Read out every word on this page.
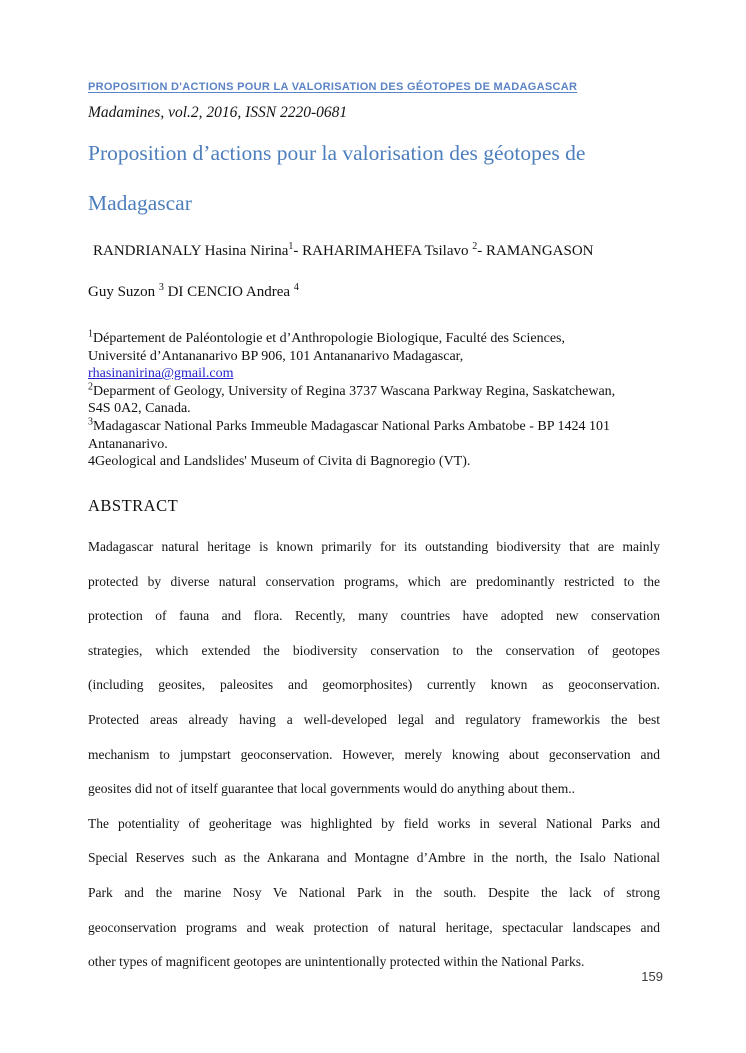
PROPOSITION D'ACTIONS POUR LA VALORISATION DES GÉOTOPES DE MADAGASCAR
Madamines, vol.2, 2016, ISSN 2220-0681
Proposition d’actions pour la valorisation des géotopes de
Madagascar
RANDRIANALY Hasina Nirina$^1$- RAHARIMAHEFA Tsilavo $^2$- RAMANGASON
Guy Suzon $^3$ DI CENCIO Andrea $^4$
$^1$Département de Paléontologie et d’Anthropologie Biologique, Faculté des Sciences,
Université d’Antananarivo BP 906, 101 Antananarivo Madagascar,
rhasinanirina@gmail.com
$^2$Deparment of Geology, University of Regina 3737 Wascana Parkway Regina, Saskatchewan,
S4S 0A2, Canada.
$^3$Madagascar National Parks Immeuble Madagascar National Parks Ambatobe - BP 1424 101
Antananarivo.
4Geological and Landslides' Museum of Civita di Bagnoregio (VT).
ABSTRACT
Madagascar natural heritage is known primarily for its outstanding biodiversity that are mainly
protected by diverse natural conservation programs, which are predominantly restricted to the
protection of fauna and flora. Recently, many countries have adopted new conservation
strategies, which extended the biodiversity conservation to the conservation of geotopes
(including geosites, paleosites and geomorphosites) currently known as geoconservation.
Protected areas already having a well-developed legal and regulatory frameworkis the best
mechanism to jumpstart geoconservation. However, merely knowing about geconservation and
geosites did not of itself guarantee that local governments would do anything about them..
The potentiality of geoheritage was highlighted by field works in several National Parks and
Special Reserves such as the Ankarana and Montagne d’Ambre in the north, the Isalo National
Park and the marine Nosy Ve National Park in the south. Despite the lack of strong
geoconservation programs and weak protection of natural heritage, spectacular landscapes and
other types of magnificent geotopes are unintentionally protected within the National Parks.
159
